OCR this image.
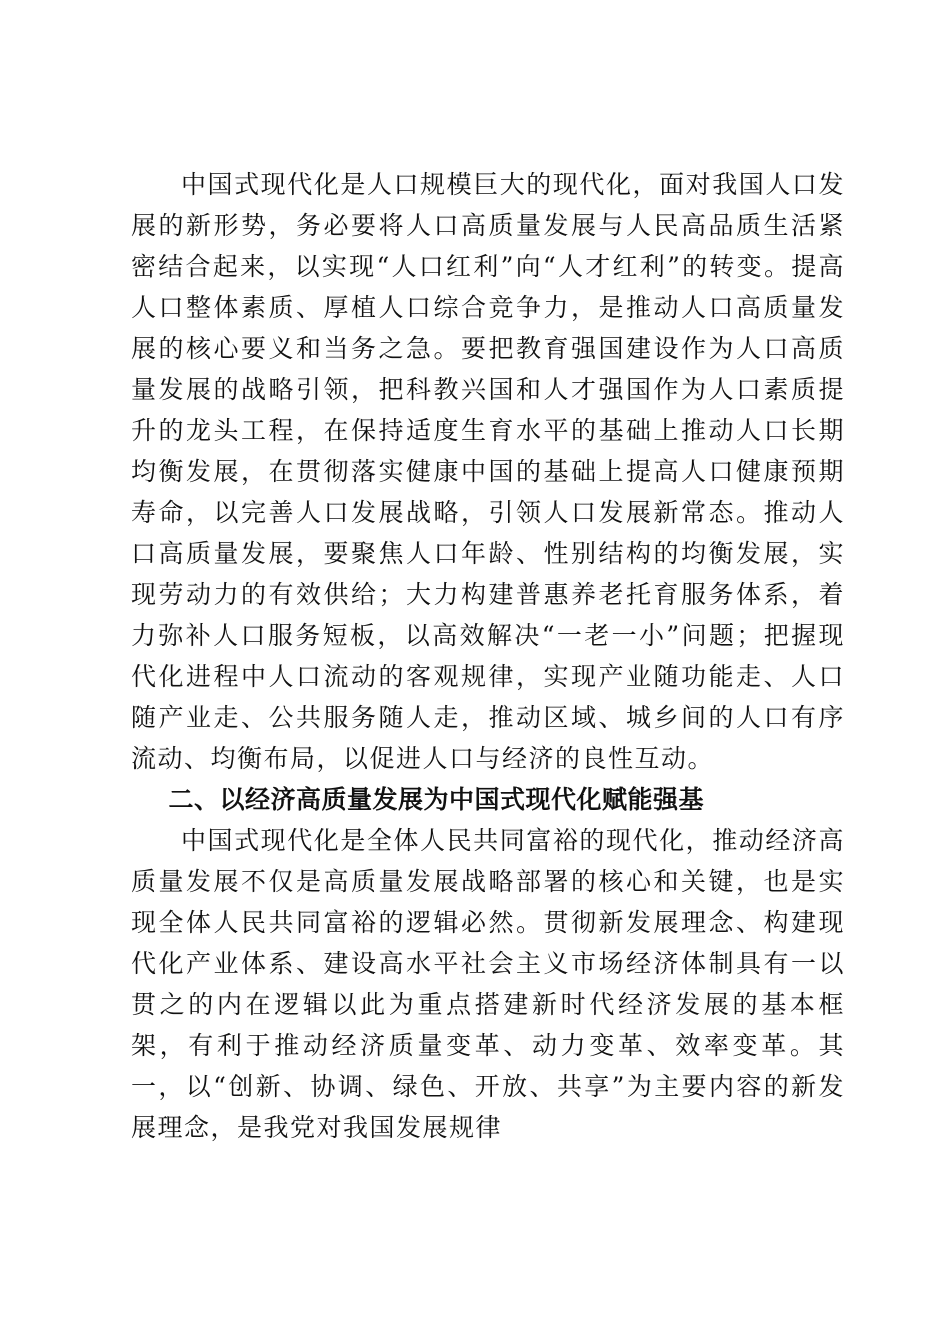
中国式现代化是人口规模巨大的现代化，面对我国人口发展的新形势，务必要将人口高质量发展与人民高品质生活紧密结合起来，以实现“人口红利”向“人才红利”的转变。提高人口整体素质、厚植人口综合竞争力，是推动人口高质量发展的核心要义和当务之急。要把教育强国建设作为人口高质量发展的战略引领，把科教兴国和人才强国作为人口素质提升的龙头工程，在保持适度生育水平的基础上推动人口长期均衡发展，在贯彻落实健康中国的基础上提高人口健康预期寿命，以完善人口发展战略，引领人口发展新常态。推动人口高质量发展，要聚焦人口年龄、性别结构的均衡发展，实现劳动力的有效供给；大力构建普惠养老托育服务体系，着力弥补人口服务短板，以高效解决“一老一小”问题；把握现代化进程中人口流动的客观规律，实现产业随功能走、人口随产业走、公共服务随人走，推动区域、城乡间的人口有序流动、均衡布局，以促进人口与经济的良性互动。

二、以经济高质量发展为中国式现代化赋能强基

中国式现代化是全体人民共同富裕的现代化，推动经济高质量发展不仅是高质量发展战略部署的核心和关键，也是实现全体人民共同富裕的逻辑必然。贯彻新发展理念、构建现代化产业体系、建设高水平社会主义市场经济体制具有一以贯之的内在逻辑以此为重点搭建新时代经济发展的基本框架，有利于推动经济质量变革、动力变革、效率变革。其一，以“创新、协调、绿色、开放、共享”为主要内容的新发展理念，是我党对我国发展规律
